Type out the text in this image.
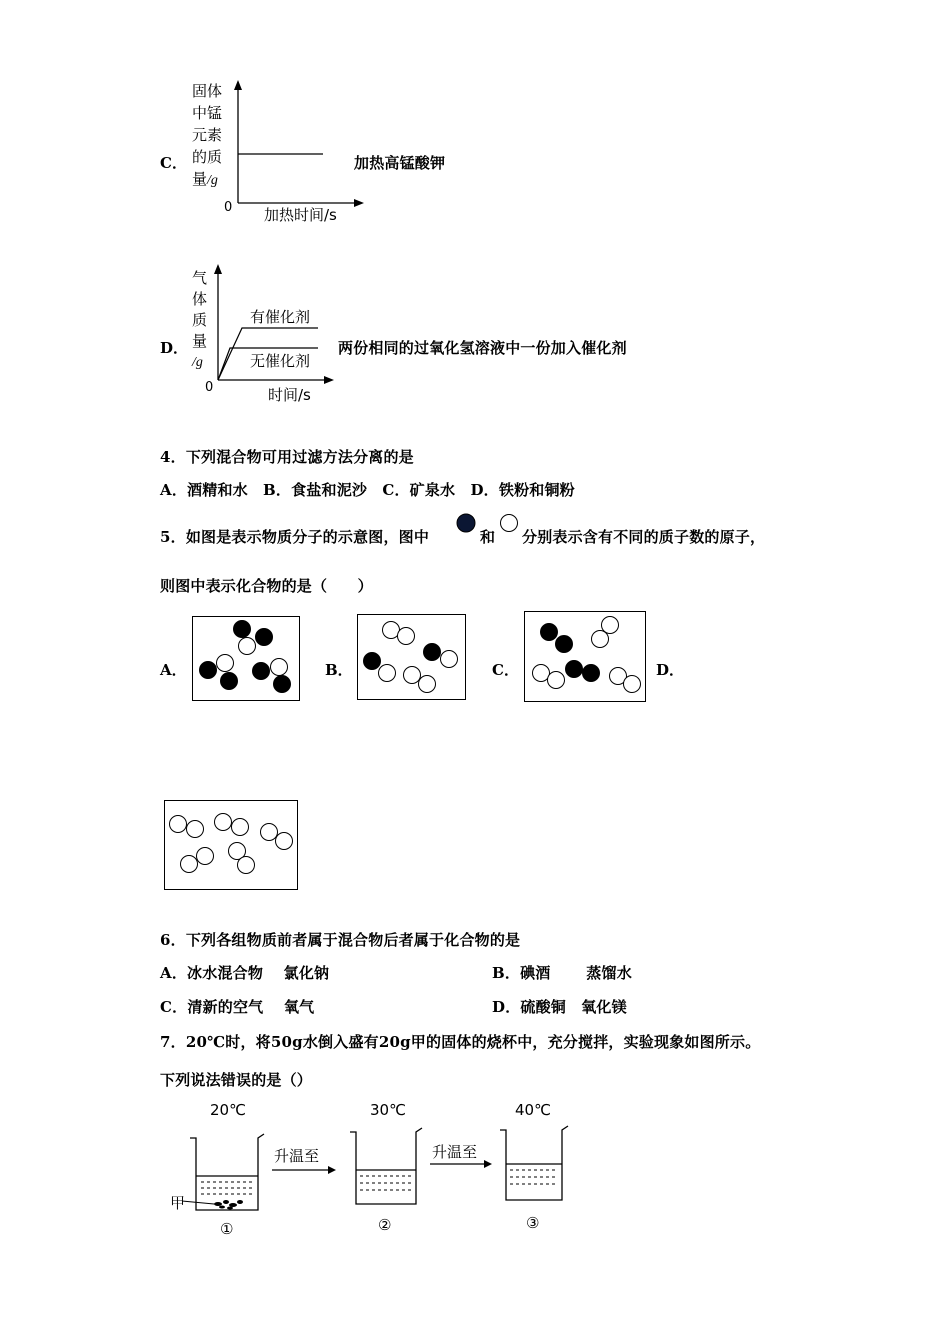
C．
固体
中锰
元素
的质
量/g
0 加热时间/s
加热高锰酸钾
D．
气
体
质
量
/g
有催化剂
无催化剂
0	时间/s
两份相同的过氧化氢溶液中一份加入催化剂
4．下列混合物可用过滤方法分离的是
A．酒精和水　B．食盐和泥沙　C．矿泉水　D．铁粉和铜粉
5．如图是表示物质分子的示意图，图中	和 分别表示含有不同的质子数的原子，
则图中表示化合物的是（　　）
A．	B．	C．	D．
6．下列各组物质前者属于混合物后者属于化合物的是
A．冰水混合物　 氯化钠	B．碘酒　　 蒸馏水
C．清新的空气　 氧气	D．硫酸铜　氧化镁
7．20℃时，将50g水倒入盛有20g甲的固体的烧杯中，充分搅拌，实验现象如图所示。
下列说法错误的是（）
20℃	30℃	40℃
升温至	升温至
甲
①	②	③
